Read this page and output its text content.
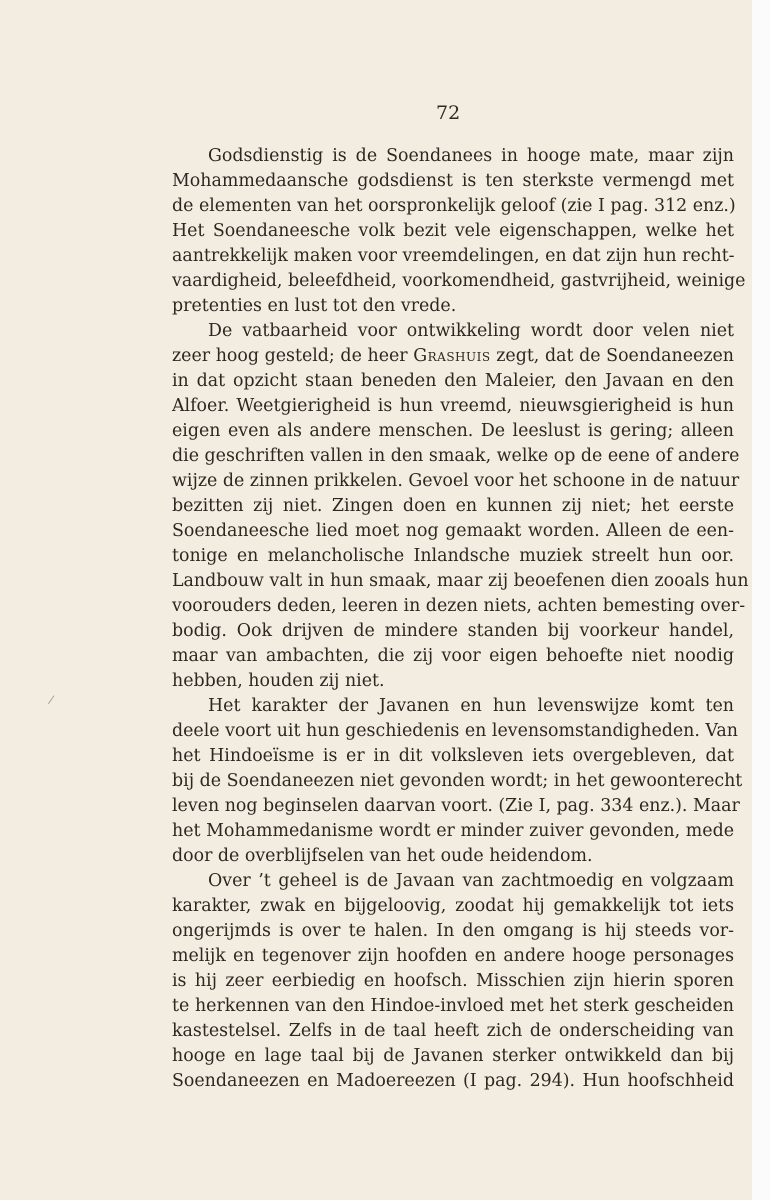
72
Godsdienstig is de Soendanees in hooge mate, maar zijn
Mohammedaansche godsdienst is ten sterkste vermengd met
de elementen van het oorspronkelijk geloof (zie I pag. 312 enz.)
Het Soendaneesche volk bezit vele eigenschappen, welke het
aantrekkelijk maken voor vreemdelingen, en dat zijn hun recht-
vaardigheid, beleefdheid, voorkomendheid, gastvrijheid, weinige
pretenties en lust tot den vrede.
De vatbaarheid voor ontwikkeling wordt door velen niet
zeer hoog gesteld; de heer Grashuis zegt, dat de Soendaneezen
in dat opzicht staan beneden den Maleier, den Javaan en den
Alfoer. Weetgierigheid is hun vreemd, nieuwsgierigheid is hun
eigen even als andere menschen. De leeslust is gering; alleen
die geschriften vallen in den smaak, welke op de eene of andere
wijze de zinnen prikkelen. Gevoel voor het schoone in de natuur
bezitten zij niet. Zingen doen en kunnen zij niet; het eerste
Soendaneesche lied moet nog gemaakt worden. Alleen de een-
tonige en melancholische Inlandsche muziek streelt hun oor.
Landbouw valt in hun smaak, maar zij beoefenen dien zooals hun
voorouders deden, leeren in dezen niets, achten bemesting over-
bodig. Ook drijven de mindere standen bij voorkeur handel,
maar van ambachten, die zij voor eigen behoefte niet noodig
hebben, houden zij niet.
Het karakter der Javanen en hun levenswijze komt ten
deele voort uit hun geschiedenis en levensomstandigheden. Van
het Hindoeïsme is er in dit volksleven iets overgebleven, dat
bij de Soendaneezen niet gevonden wordt; in het gewoonterecht
leven nog beginselen daarvan voort. (Zie I, pag. 334 enz.). Maar
het Mohammedanisme wordt er minder zuiver gevonden, mede
door de overblijfselen van het oude heidendom.
Over ’t geheel is de Javaan van zachtmoedig en volgzaam
karakter, zwak en bijgeloovig, zoodat hij gemakkelijk tot iets
ongerijmds is over te halen. In den omgang is hij steeds vor-
melijk en tegenover zijn hoofden en andere hooge personages
is hij zeer eerbiedig en hoofsch. Misschien zijn hierin sporen
te herkennen van den Hindoe-invloed met het sterk gescheiden
kastestelsel. Zelfs in de taal heeft zich de onderscheiding van
hooge en lage taal bij de Javanen sterker ontwikkeld dan bij
Soendaneezen en Madoereezen (I pag. 294). Hun hoofschheid
